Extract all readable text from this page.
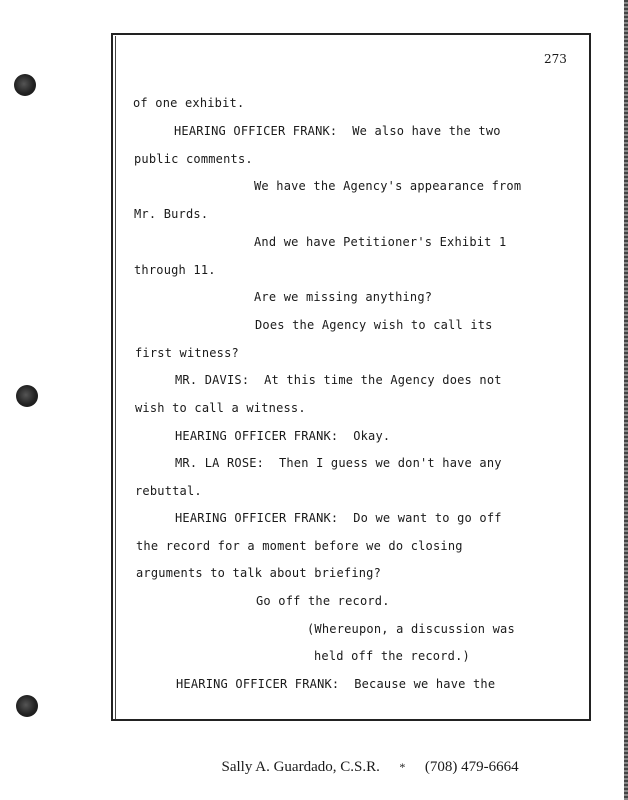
273
of one exhibit.
HEARING OFFICER FRANK:  We also have the two
public comments.
We have the Agency's appearance from
Mr. Burds.
And we have Petitioner's Exhibit 1
through 11.
Are we missing anything?
Does the Agency wish to call its
first witness?
MR. DAVIS:  At this time the Agency does not
wish to call a witness.
HEARING OFFICER FRANK:  Okay.
MR. LA ROSE:  Then I guess we don't have any
rebuttal.
HEARING OFFICER FRANK:  Do we want to go off
the record for a moment before we do closing
arguments to talk about briefing?
Go off the record.
(Whereupon, a discussion was
held off the record.)
HEARING OFFICER FRANK:  Because we have the

Sally A. Guardado, C.S.R. * (708) 479-6664
